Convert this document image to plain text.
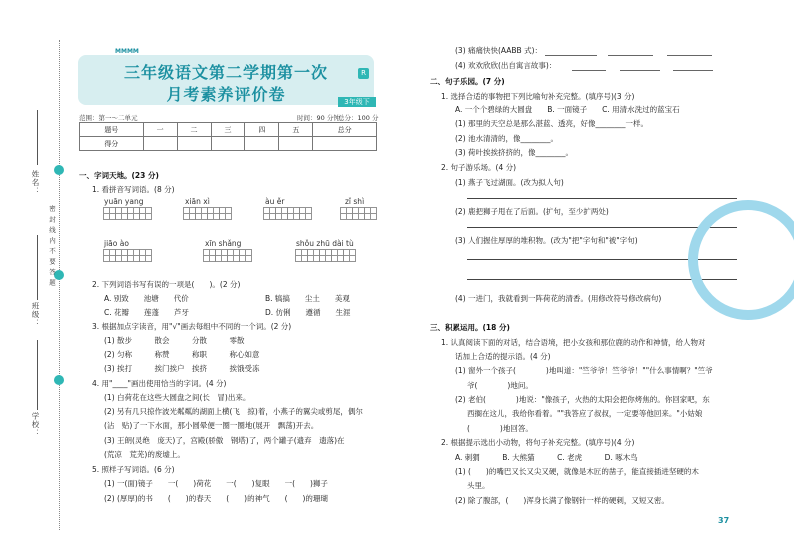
姓名：
班级：
学校：
密 封 线 内 不 要 答 题
MMMM
三年级语文第二学期第一次
月考素养评价卷
R
3年级下
范围：第一～二单元	时间：90 分钟
总分：100 分
题号	一	二	三	四	五	总分
得分						
一、字词天地。(23 分)
1. 看拼音写词语。(8 分)
yuān yang	xiān xì	àu ěr	zǐ shì
jiāo ào	xīn shǎng	shǒu zhū dài tù
2. 下列词语书写有误的一项是(　　)。(2 分)
A. 别致　　池塘　　代价	B. 犒搞　　尘土　　美观
C. 花瓣　　莲蓬　　芦牙	D. 仿俐　　遵循　　生涯
3. 根据加点字读音，用"√"画去每组中不同的一个词。(2 分)
(1) 散步　　　散会　　　分散　　　零散
(2) 匀称　　　称赞　　　称职　　　称心如意
(3) 挨打　　　挨门挨户　挨挤　　　挨饿受冻
4. 用"____"画出使用恰当的字词。(4 分)
(1) 白荷花在这些大圆盘之间(长　冒)出来。
(2) 另有几只掠作波光粼粼的湖面上横(飞　掠)着，小燕子的翼尖或剪尾，偶尔
(沾　贴)了一下水面，那小圆晕便一圈一圈地(展开　飘荡)开去。
(3) 王朗(灵绝　庞天)了，宫殿(骄傲　钢塔)了，两个罐子(遗弃　遗落)在
(荒凉　荒芜)的废墟上。
5. 照样子写词语。(6 分)
(1) 一(面)镜子　　一(　　)荷花　　一(　　)复眼　　一(　　)狮子
(2) (厚厚)的书　　(　　)的春天　　(　　)的神气　　(　　)的珊瑚
(3) 痛痛快快(AABB 式)：
(4) 欢欢欣欣(出自寓言故事)：
二、句子乐园。(7 分)
1. 选择合适的事物把下列比喻句补充完整。(填序号)(3 分)
A. 一个个碧绿的大圆盘　　B. 一面镜子　　C. 用清水洗过的蓝宝石
(1) 那里的天空总是那么湛蓝、透亮，好像________一样。
(2) 池水清清的，像________。
(3) 荷叶挨挨挤挤的，像________。
2. 句子游乐场。(4 分)
(1) 燕子飞过湖面。(改为拟人句)
(2) 鹿把狮子甩在了后面。(扩句，至少扩两处)
(3) 人们握住厚厚的堆积物。(改为"把"字句和"被"字句)
(4) 一进门，我就看到一阵荷花的清香。(用修改符号修改病句)
三、积累运用。(18 分)
1. 认真阅读下面的对话，结合语境，把小女孩和那位鹿的动作和神情，给人物对
话加上合适的提示语。(4 分)
(1) 窗外一个孩子(　　　　)地叫道："竺爷爷！竺爷爷！""什么事情啊？"竺爷
爷(　　　　)地问。
(2) 老伯(　　　　)地说："像孩子，火热的太阳会把你烤焦的。你回家吧，东
西搁在这儿，我给你看着。""我答应了叔叔，一定要等他回来。"小姑娘
(　　　　)地回答。
2. 根据提示选出小动物，将句子补充完整。(填序号)(4 分)
A. 刺猬　　　B. 大熊猫　　　C. 老虎　　　D. 啄木鸟
(1) (　　)的嘴巴又长又尖又硬，就像是木匠的凿子，能直接插进坚硬的木
头里。
(2) 除了腹部，(　　)浑身长满了像钢针一样的硬刺，又短又密。
37
